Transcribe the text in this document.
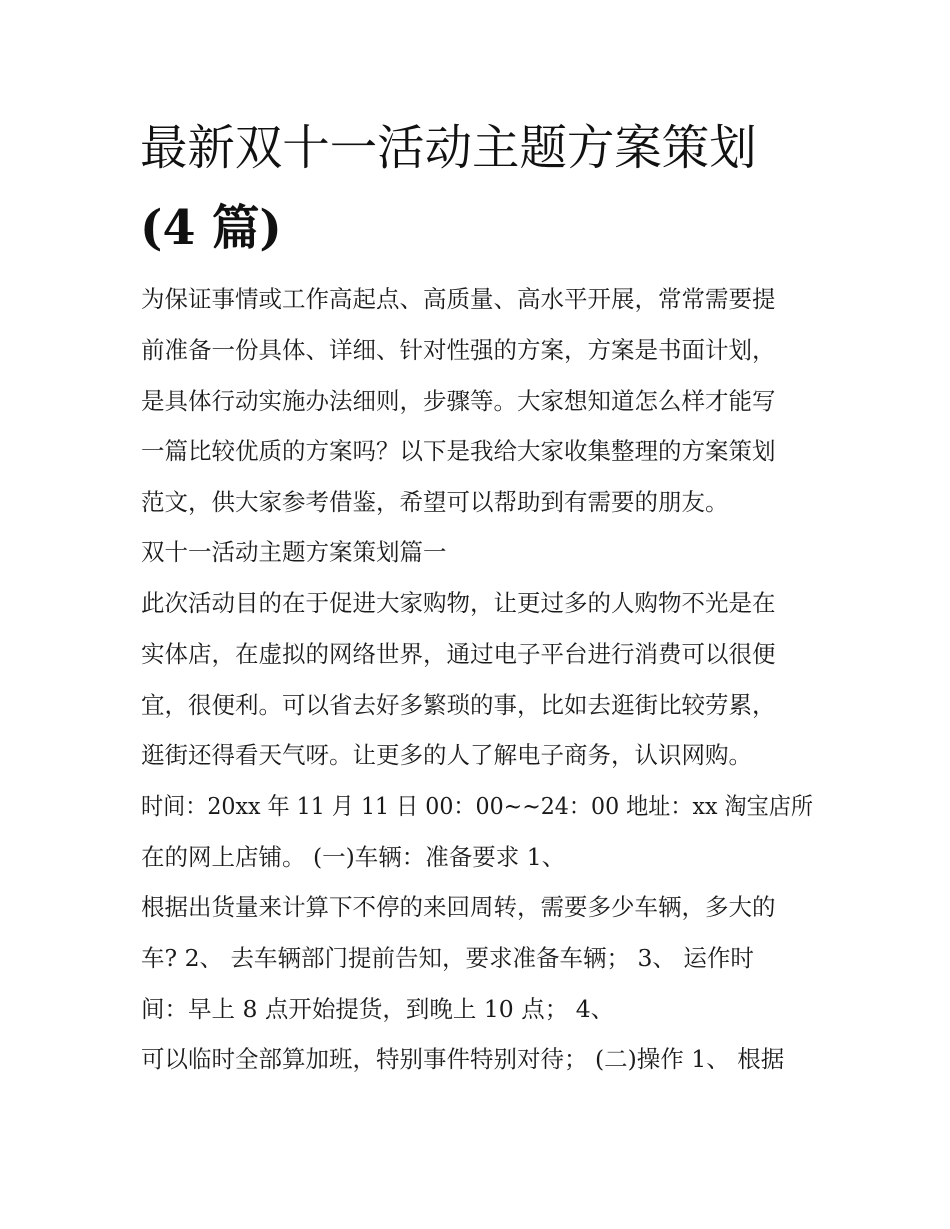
最新双十一活动主题方案策划
(4 篇)

为保证事情或工作高起点、高质量、高水平开展，常常需要提

前准备一份具体、详细、针对性强的方案，方案是书面计划，

是具体行动实施办法细则，步骤等。大家想知道怎么样才能写

一篇比较优质的方案吗？以下是我给大家收集整理的方案策划

范文，供大家参考借鉴，希望可以帮助到有需要的朋友。

双十一活动主题方案策划篇一

此次活动目的在于促进大家购物，让更过多的人购物不光是在

实体店，在虚拟的网络世界，通过电子平台进行消费可以很便

宜，很便利。可以省去好多繁琐的事，比如去逛街比较劳累，

逛街还得看天气呀。让更多的人了解电子商务，认识网购。

时间：20xx 年 11 月 11 日 00：00~~24：00 地址：xx 淘宝店所

在的网上店铺。 (一)车辆：准备要求 1、

根据出货量来计算下不停的来回周转，需要多少车辆，多大的

车? 2、 去车辆部门提前告知，要求准备车辆； 3、 运作时

间：早上 8 点开始提货，到晚上 10 点； 4、

可以临时全部算加班，特别事件特别对待； (二)操作 1、 根据
